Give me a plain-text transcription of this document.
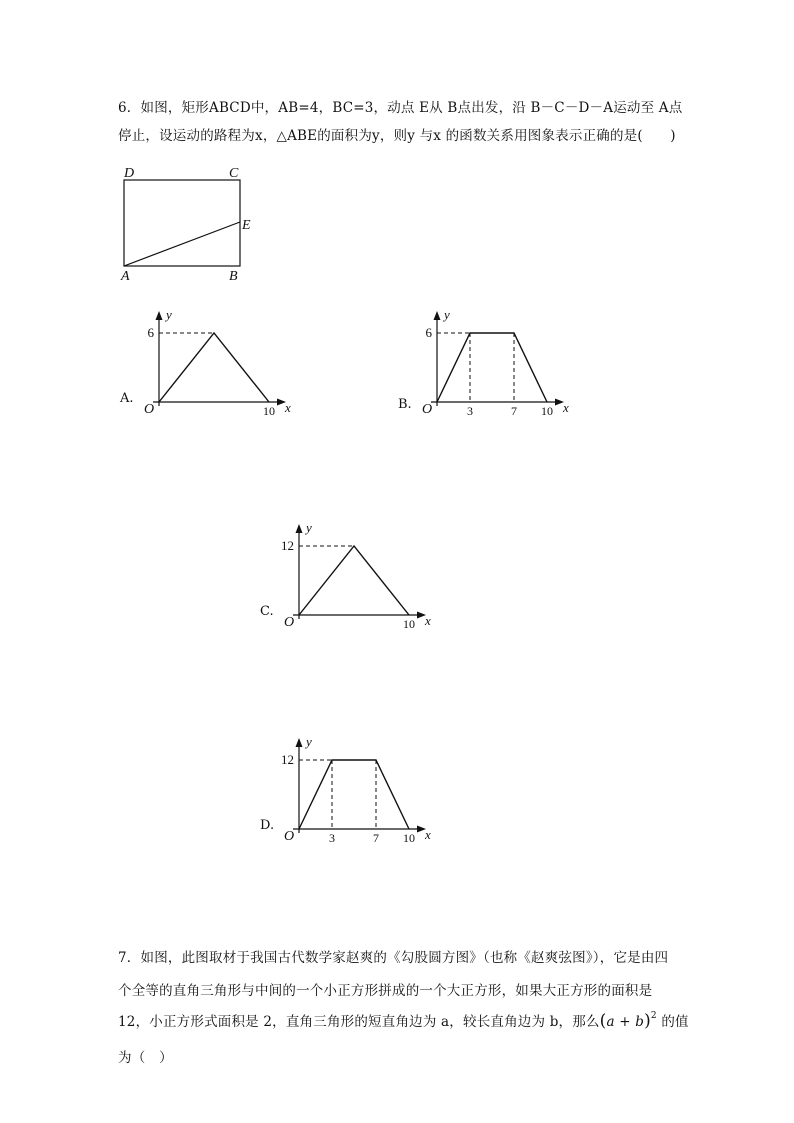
6．如图，矩形ABCD中，AB=4，BC=3，动点 E从 B点出发，沿 B－C－D－A运动至 A点
停止，设运动的路程为x，△ABE的面积为y，则y 与x 的函数关系用图象表示正确的是(　　)
D	C
E
A	B
O
y
x
6
10
A.
O
y
x
6
3	7 10
B.
O
y
x
12
10
C.
O
y
x
12
3	7 10
D.
7．如图，此图取材于我国古代数学家赵爽的《勾股圆方图》（也称《赵爽弦图》），它是由四
个全等的直角三角形与中间的一个小正方形拼成的一个大正方形，如果大正方形的面积是
12，小正方形式面积是 2，直角三角形的短直角边为 a，较长直角边为 b，那么$(a + b)^2$ 的值
为（　）
